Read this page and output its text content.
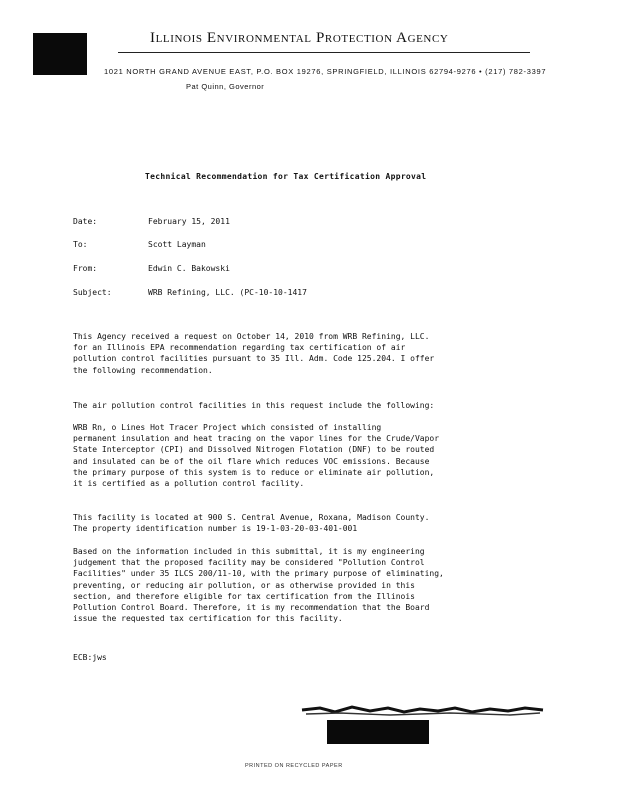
Illinois Environmental Protection Agency
1021 NORTH GRAND AVENUE EAST, P.O. BOX 19276, SPRINGFIELD, ILLINOIS 62794-9276 • (217) 782-3397
Pat Quinn, Governor
Technical Recommendation for Tax Certification Approval
Date:	February 15, 2011
To:	Scott Layman
From:	Edwin C. Bakowski
Subject:	WRB Refining, LLC. (PC-10-10-1417
This Agency received a request on October 14, 2010 from WRB Refining, LLC.
for an Illinois EPA recommendation regarding tax certification of air
pollution control facilities pursuant to 35 Ill. Adm. Code 125.204. I offer
the following recommendation.
The air pollution control facilities in this request include the following:
WRB Rn, o Lines Hot Tracer Project which consisted of installing
permanent insulation and heat tracing on the vapor lines for the Crude/Vapor
State Interceptor (CPI) and Dissolved Nitrogen Flotation (DNF) to be routed
and insulated can be of the oil flare which reduces VOC emissions. Because
the primary purpose of this system is to reduce or eliminate air pollution,
it is certified as a pollution control facility.
This facility is located at 900 S. Central Avenue, Roxana, Madison County.
The property identification number is 19-1-03-20-03-401-001
Based on the information included in this submittal, it is my engineering
judgement that the proposed facility may be considered "Pollution Control
Facilities" under 35 ILCS 200/11-10, with the primary purpose of eliminating,
preventing, or reducing air pollution, or as otherwise provided in this
section, and therefore eligible for tax certification from the Illinois
Pollution Control Board. Therefore, it is my recommendation that the Board
issue the requested tax certification for this facility.
ECB:jws
PRINTED ON RECYCLED PAPER
